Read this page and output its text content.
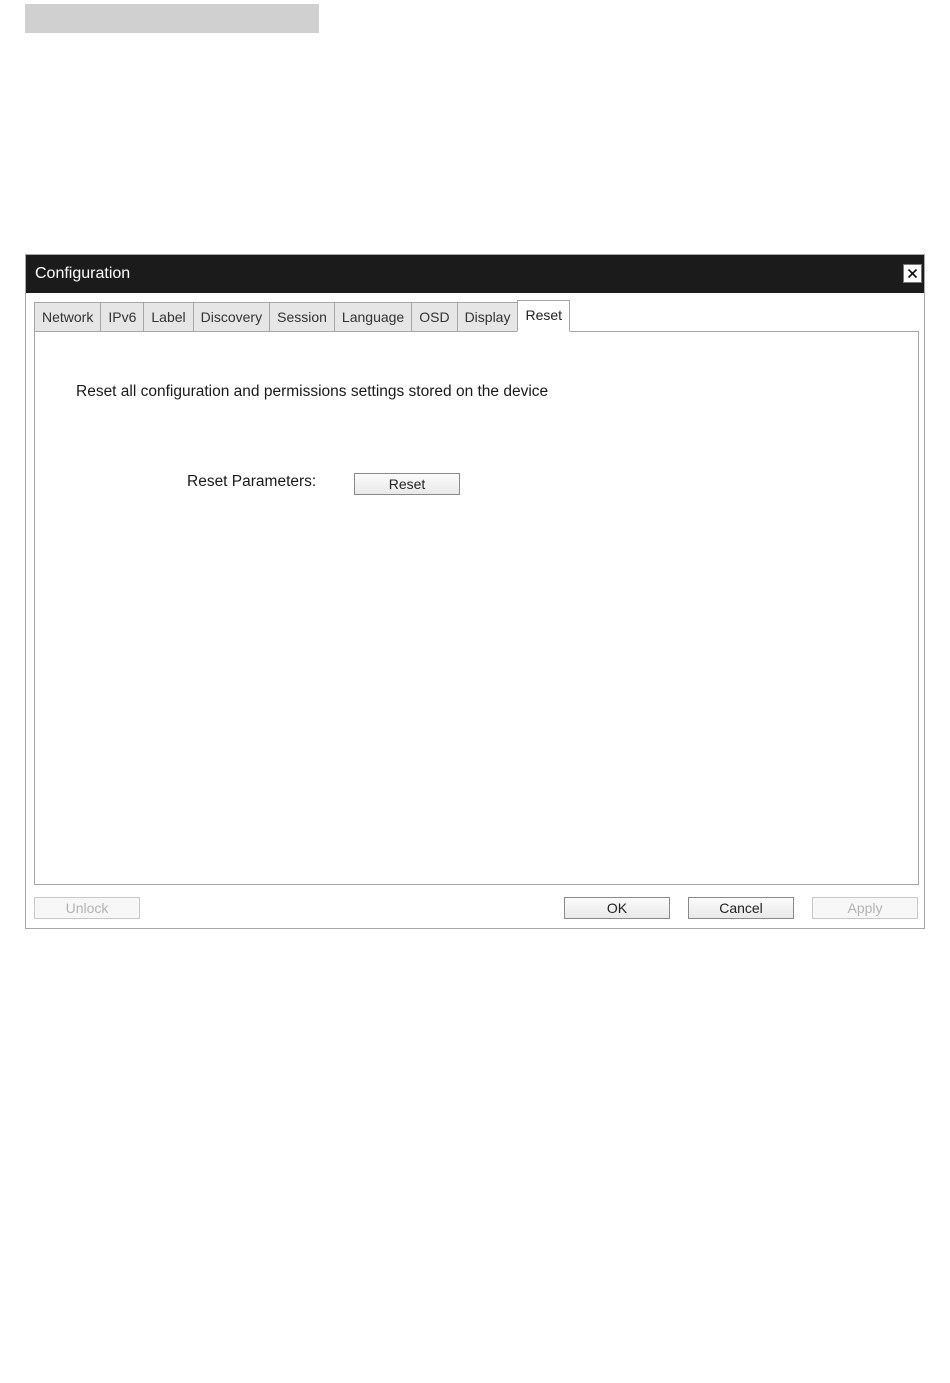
Configuration
Network	IPv6	Label	Discovery	Session	Language	OSD	Display	Reset
Reset all configuration and permissions settings stored on the device
Reset Parameters:	Reset
Unlock	OK	Cancel	Apply
